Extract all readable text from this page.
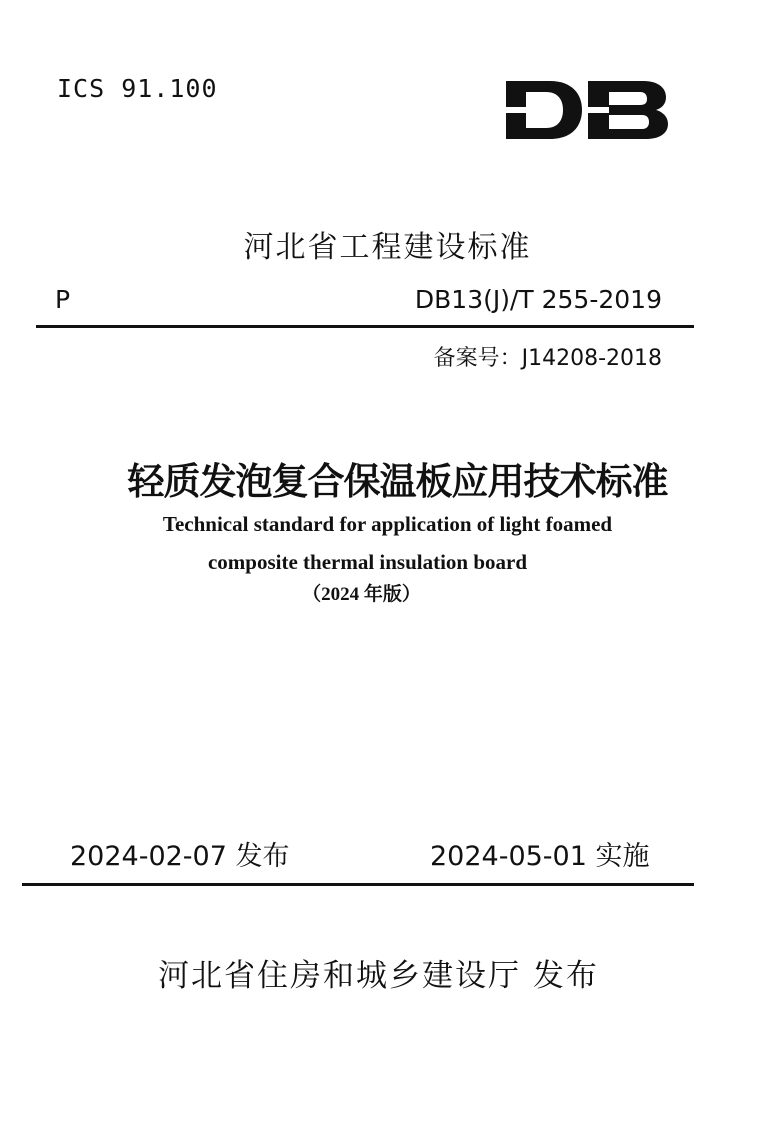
ICS 91.100
河北省工程建设标准
P	DB13(J)/T 255-2019
备案号：J14208-2018
轻质发泡复合保温板应用技术标准
Technical standard for application of light foamed
composite thermal insulation board
（2024 年版）
2024-02-07 发布	2024-05-01 实施
河北省住房和城乡建设厅 发布
